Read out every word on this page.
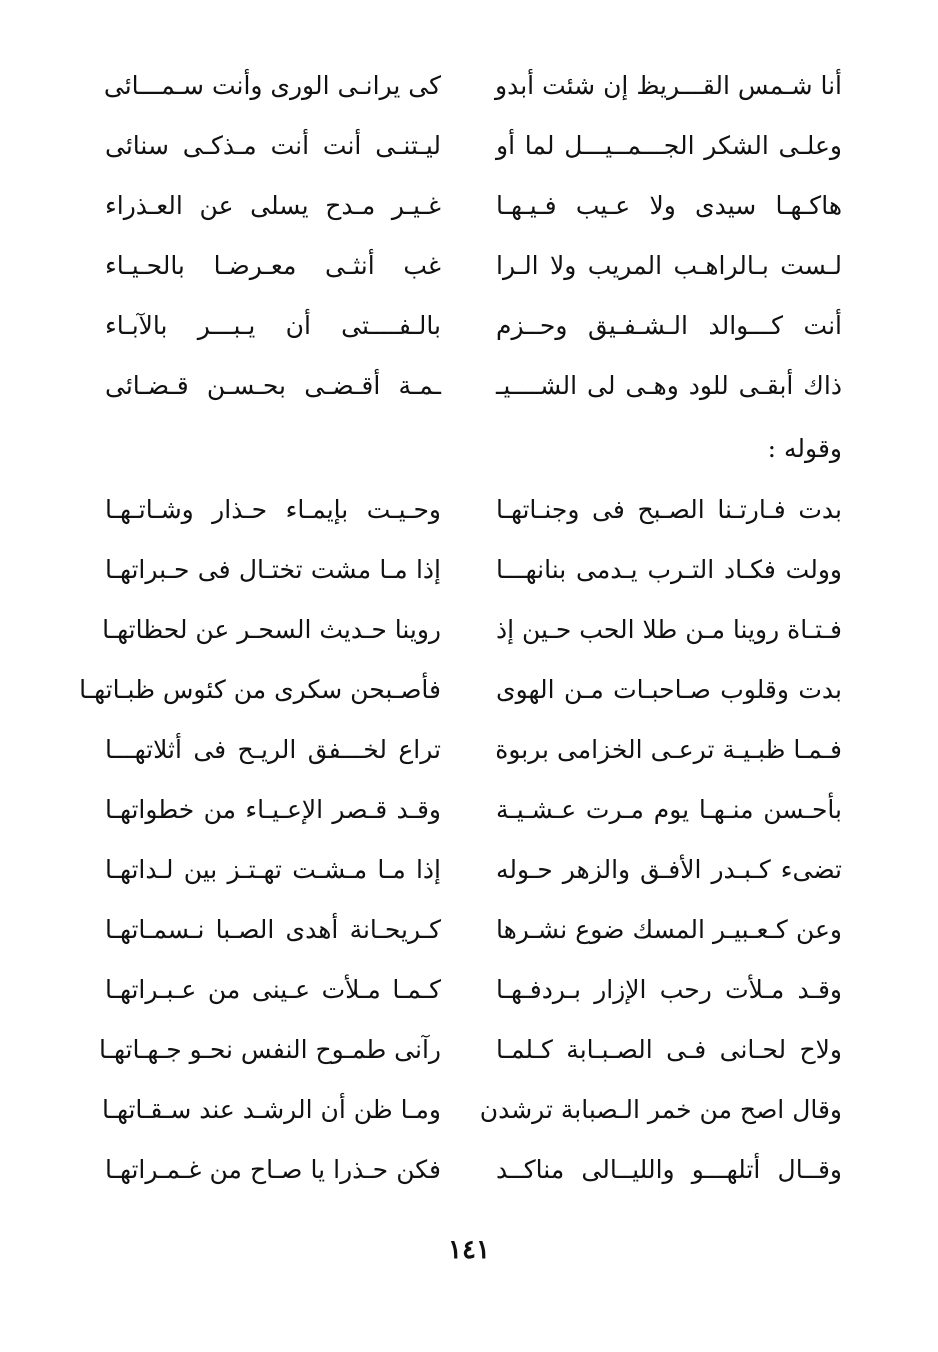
أنا شـمس القـــريظ إن شئت أبدو
كى يرانـى الورى وأنت سـمـــائى
وعلـى الشكر الجـــمــيـــل لما أو
ليـتنـى أنت أنت مـذكـى سنائى
هاكـهـا سيدى ولا عـيب فـيـهـا
غـيـر مـدح يسلى عن العـذراء
لـست بـالراهـب المريب ولا الـرا
غب أنثـى معـرضـا بالحـيـاء
أنت كـــوالد الـشـفـيق وحــزم
بالـفــــتى أن يـبـــر بالآبـاء
ذاك أبقـى للود وهـى لى الشــــيـ
ـمـة أقـضـى بحـسـن قـضـائى
وقوله :
بدت فـارتـنا الصـبح فى وجنـاتهـا
وحـيـت بإيمـاء حـذار وشـاتـهـا
وولت فكـاد التـرب يـدمى بنانهـــا
إذا مـا مشت تختـال فى حـبراتهـا
فـتـاة روينا مـن طلا الحب حـين إذ
روينا حـديث السحـر عن لحظاتهـا
بدت وقلوب صـاحبـات مـن الهوى
فأصـبحن سكرى من كئوس ظبـاتهـا
فـمـا ظبـيـة ترعـى الخزامى بربوة
تراع لخـــفق الريـح فى أثلاتهـــا
بأحـسن منـهـا يوم مـرت عـشـيـة
وقـد قـصر الإعـيـاء من خطواتهـا
تضىء كـبـدر الأفـق والزهر حـوله
إذا مـا مـشـت تهـتـز بين لـداتهـا
وعن كـعـبيـر المسك ضوع نشـرها
كـريحـانة أهدى الصـبا نـسمـاتهـا
وقـد مـلأت رحب الإزار بـردفـهـا
كـمـا مـلأت عـينى من عـبـراتهـا
ولاح لحـانى فـى الصـبـابة كـلمـا
رآنى طمـوح النفس نحـو جـهـاتهـا
وقال اصح من خمر الـصبابة ترشدن
ومـا ظن أن الرشـد عند سـقـاتهـا
وقــال أتلهـــو والليــالى مناكــد
فكن حـذرا يا صـاح من غـمـراتهـا
١٤١
